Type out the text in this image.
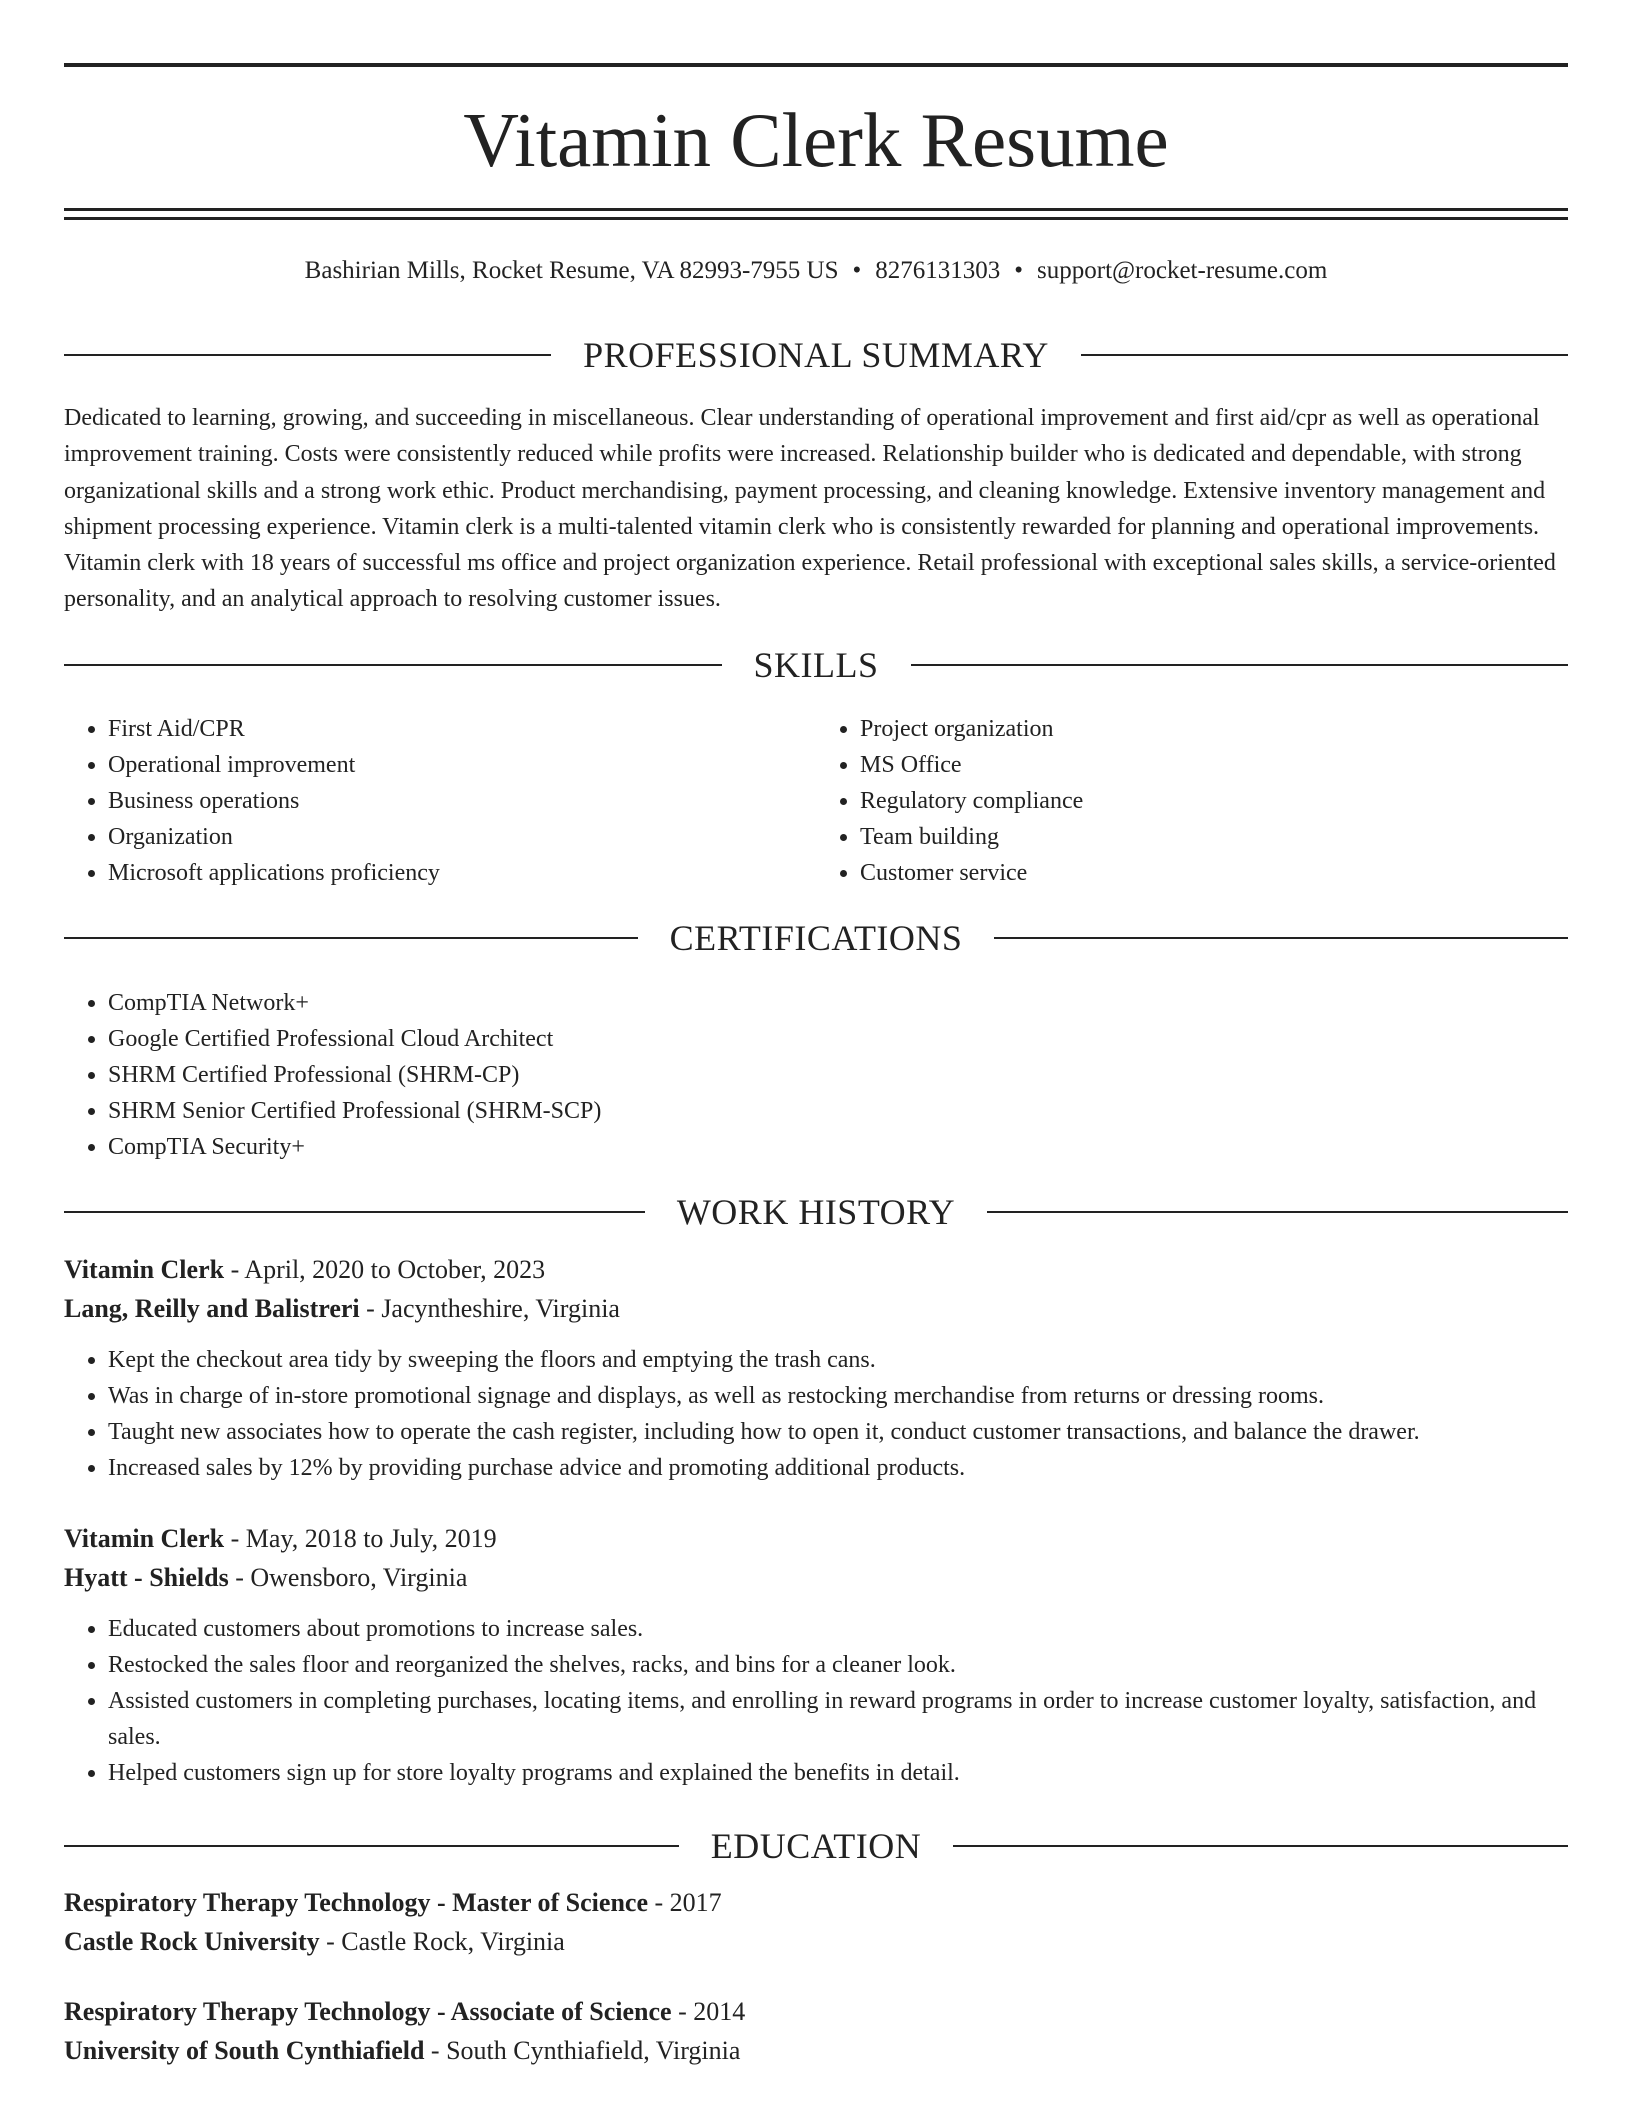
Vitamin Clerk Resume
Bashirian Mills, Rocket Resume, VA 82993-7955 US • 8276131303 • support@rocket-resume.com
PROFESSIONAL SUMMARY

Dedicated to learning, growing, and succeeding in miscellaneous. Clear understanding of operational improvement and first aid/cpr as well as operational improvement training. Costs were consistently reduced while profits were increased. Relationship builder who is dedicated and dependable, with strong organizational skills and a strong work ethic. Product merchandising, payment processing, and cleaning knowledge. Extensive inventory management and shipment processing experience. Vitamin clerk is a multi-talented vitamin clerk who is consistently rewarded for planning and operational improvements. Vitamin clerk with 18 years of successful ms office and project organization experience. Retail professional with exceptional sales skills, a service-oriented personality, and an analytical approach to resolving customer issues.

SKILLS
• First Aid/CPR
• Operational improvement
• Business operations
• Organization
• Microsoft applications proficiency
• Project organization
• MS Office
• Regulatory compliance
• Team building
• Customer service
CERTIFICATIONS
• CompTIA Network+
• Google Certified Professional Cloud Architect
• SHRM Certified Professional (SHRM-CP)
• SHRM Senior Certified Professional (SHRM-SCP)
• CompTIA Security+
WORK HISTORY
Vitamin Clerk - April, 2020 to October, 2023
Lang, Reilly and Balistreri - Jacyntheshire, Virginia
• Kept the checkout area tidy by sweeping the floors and emptying the trash cans.
• Was in charge of in-store promotional signage and displays, as well as restocking merchandise from returns or dressing rooms.
• Taught new associates how to operate the cash register, including how to open it, conduct customer transactions, and balance the drawer.
• Increased sales by 12% by providing purchase advice and promoting additional products.
Vitamin Clerk - May, 2018 to July, 2019
Hyatt - Shields - Owensboro, Virginia
• Educated customers about promotions to increase sales.
• Restocked the sales floor and reorganized the shelves, racks, and bins for a cleaner look.
• Assisted customers in completing purchases, locating items, and enrolling in reward programs in order to increase customer loyalty, satisfaction, and sales.
• Helped customers sign up for store loyalty programs and explained the benefits in detail.
EDUCATION
Respiratory Therapy Technology - Master of Science - 2017
Castle Rock University - Castle Rock, Virginia
Respiratory Therapy Technology - Associate of Science - 2014
University of South Cynthiafield - South Cynthiafield, Virginia
